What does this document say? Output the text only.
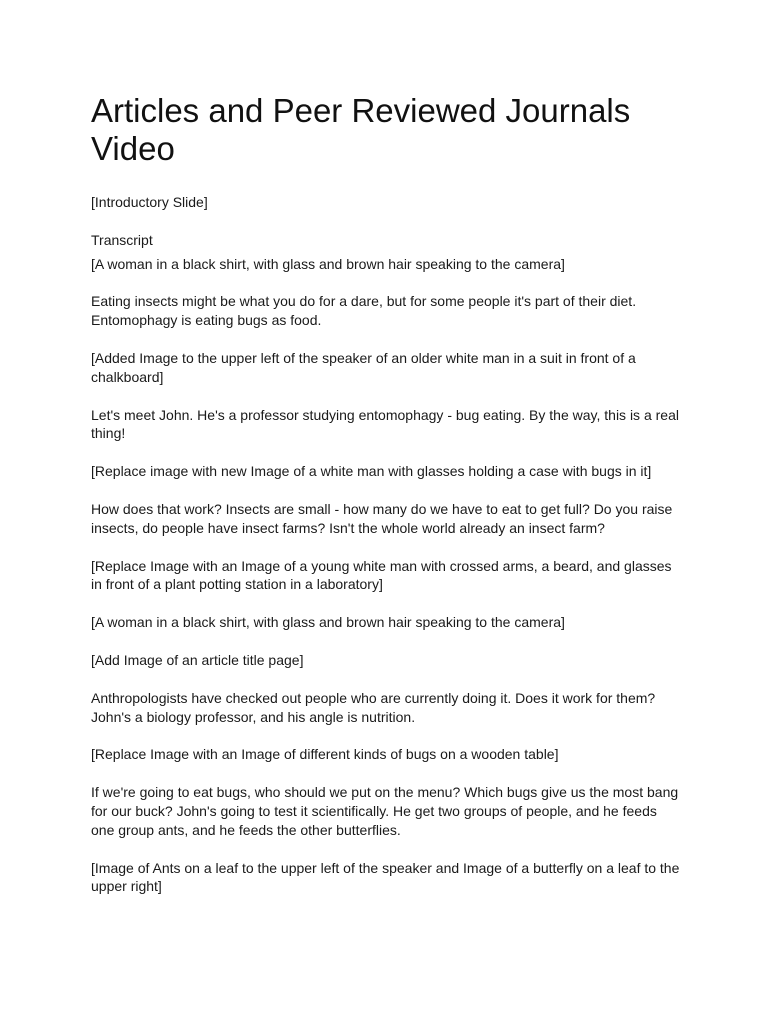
Articles and Peer Reviewed Journals Video

[Introductory Slide]

Transcript

[A woman in a black shirt, with glass and brown hair speaking to the camera]

Eating insects might be what you do for a dare, but for some people it's part of their diet. Entomophagy is eating bugs as food.

[Added Image to the upper left of the speaker of an older white man in a suit in front of a chalkboard]

Let's meet John. He's a professor studying entomophagy - bug eating. By the way, this is a real thing!

[Replace image with new Image of a white man with glasses holding a case with bugs in it]

How does that work? Insects are small - how many do we have to eat to get full? Do you raise insects, do people have insect farms? Isn't the whole world already an insect farm?

[Replace Image with an Image of a young white man with crossed arms, a beard, and glasses in front of a plant potting station in a laboratory]

[A woman in a black shirt, with glass and brown hair speaking to the camera]

[Add Image of an article title page]

Anthropologists have checked out people who are currently doing it. Does it work for them? John's a biology professor, and his angle is nutrition.

[Replace Image with an Image of different kinds of bugs on a wooden table]

If we're going to eat bugs, who should we put on the menu? Which bugs give us the most bang for our buck? John's going to test it scientifically. He get two groups of people, and he feeds one group ants, and he feeds the other butterflies.

[Image of Ants on a leaf to the upper left of the speaker and Image of a butterfly on a leaf to the upper right]
